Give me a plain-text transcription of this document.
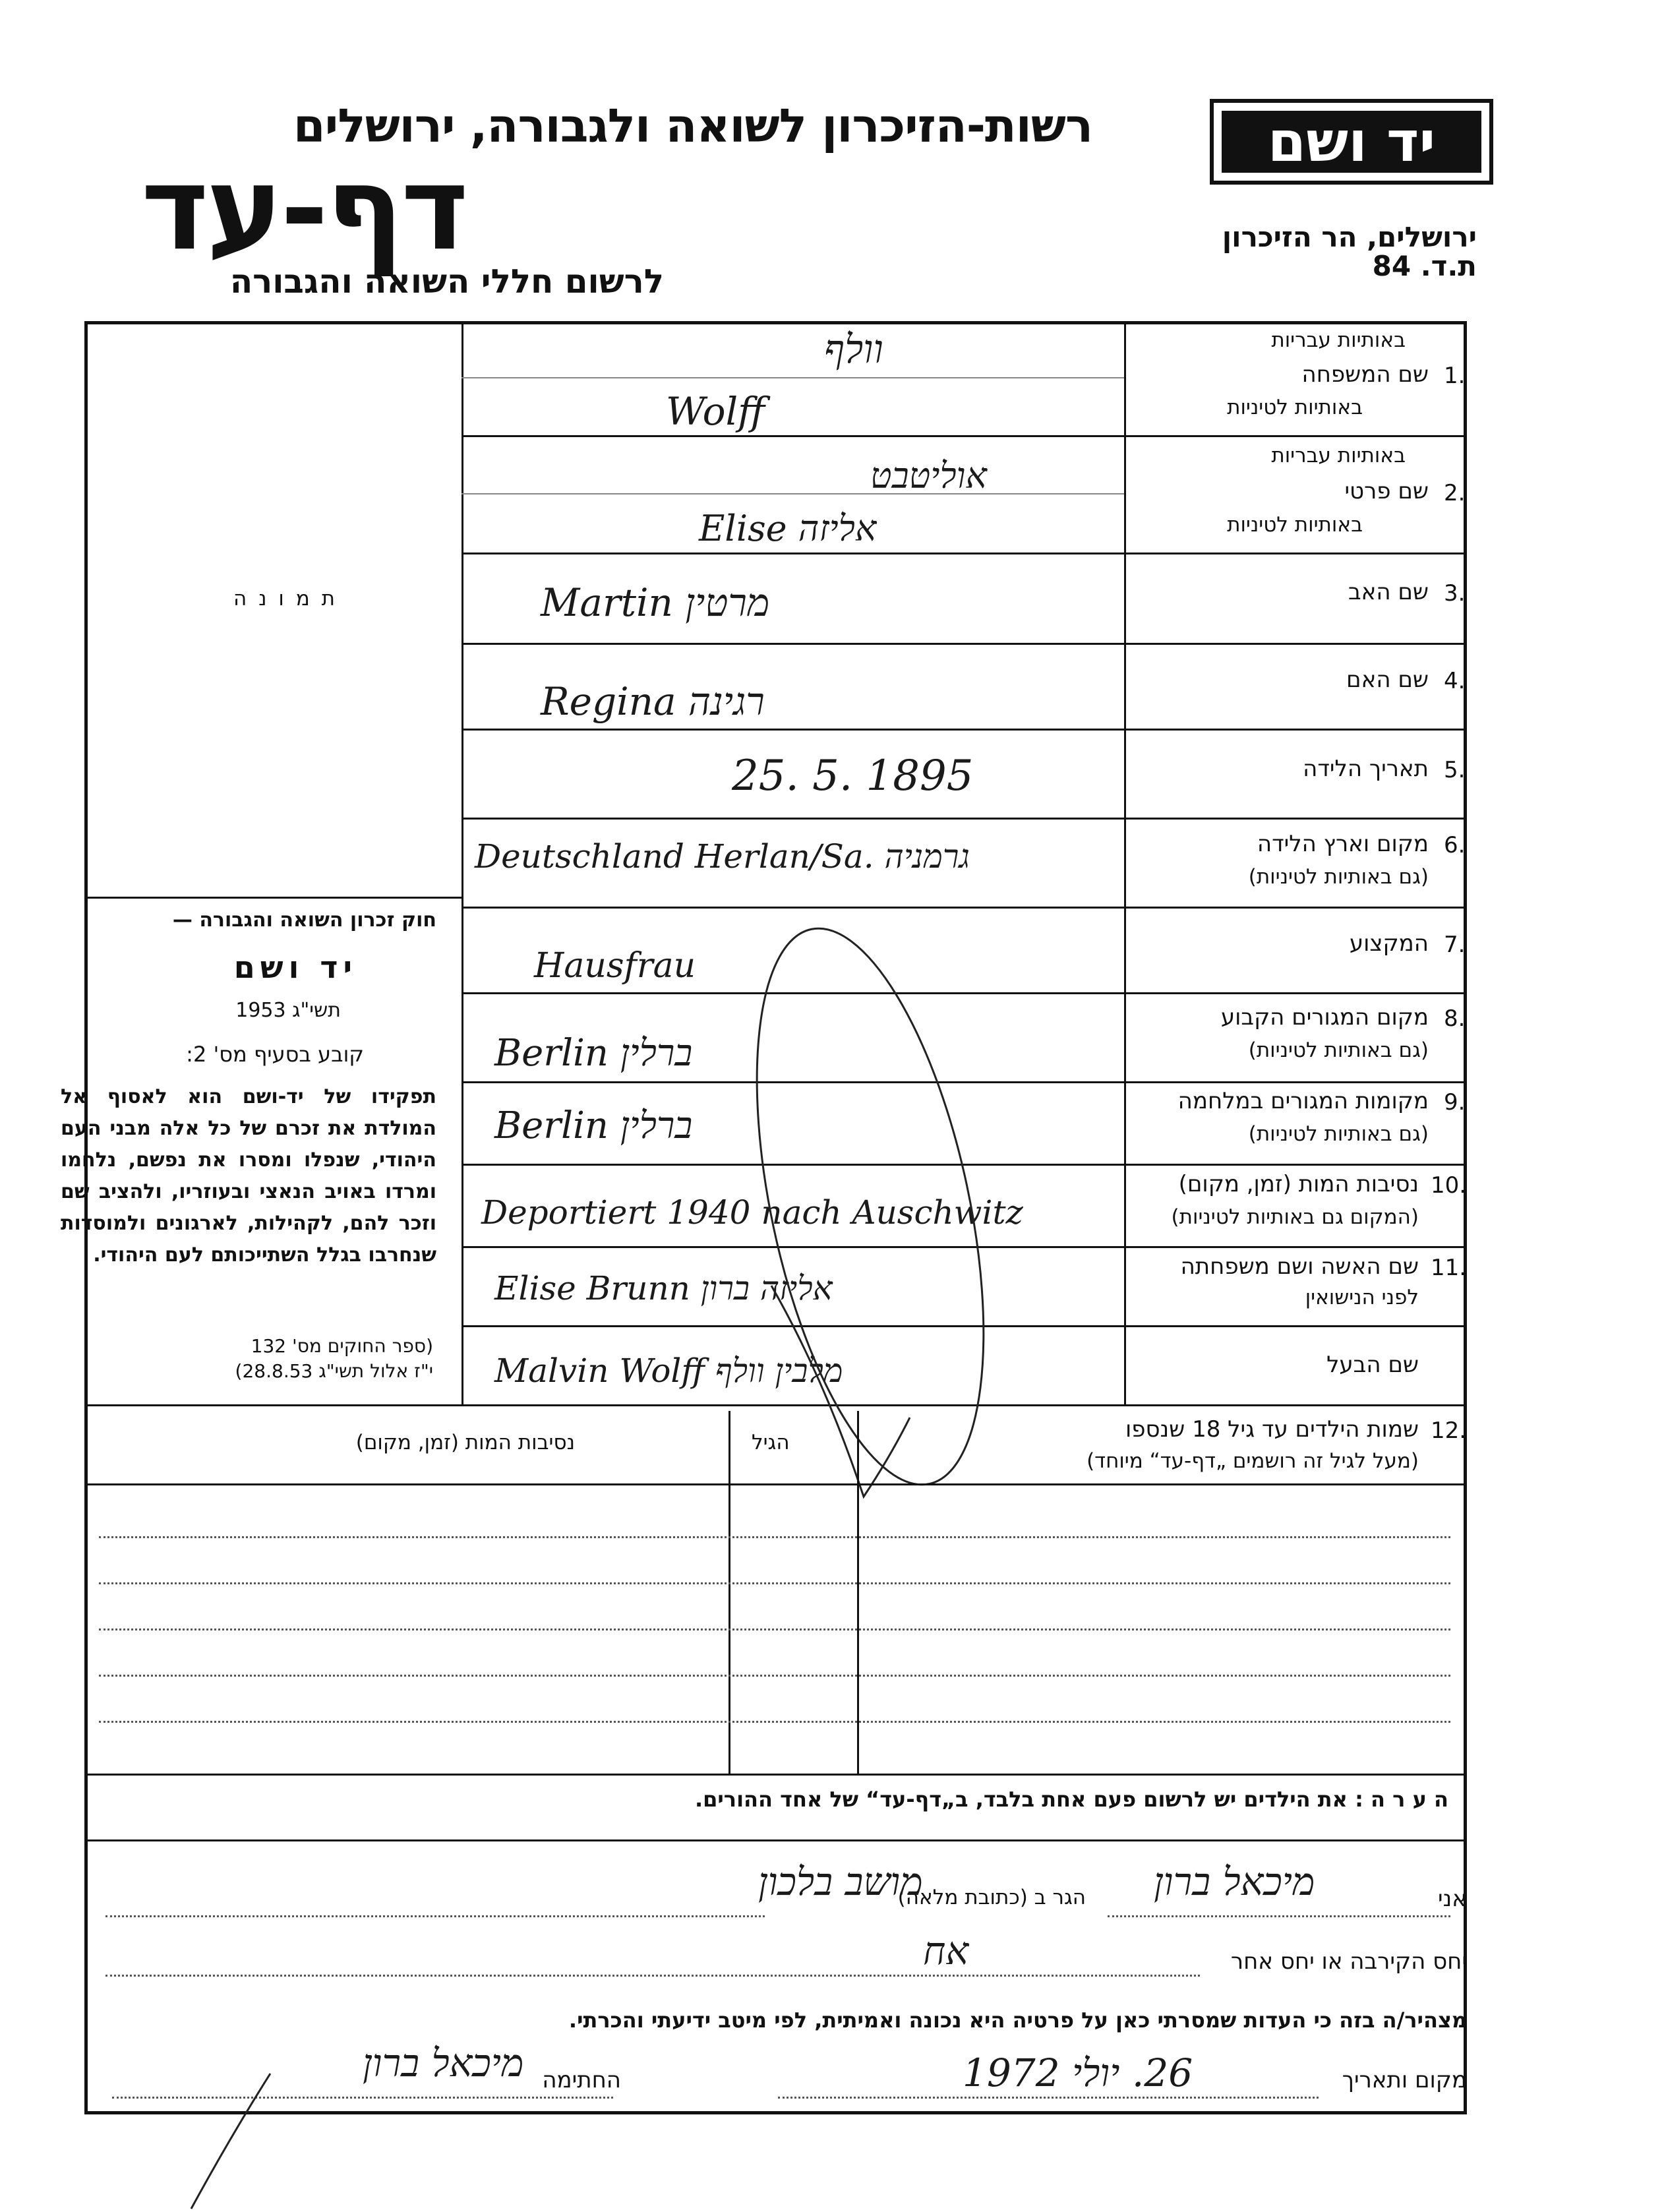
רשות-הזיכרון לשואה ולגבורה, ירושלים
דף-עד
לרשום חללי השואה והגבורה
יד ושם
ירושלים, הר הזיכרון
ת.ד. 84
ת מ ו נ ה
באותיות עבריות
1.
שם המשפחה
באותיות לטיניות
באותיות עבריות
2.
שם פרטי
באותיות לטיניות
3.
שם האב
4.
שם האם
5.
תאריך הלידה
6.
מקום וארץ הלידה
(גם באותיות לטיניות)
7.
המקצוע
8.
מקום המגורים הקבוע
(גם באותיות לטיניות)
9.
מקומות המגורים במלחמה
(גם באותיות לטיניות)
10.
נסיבות המות (זמן, מקום)
(המקום גם באותיות לטיניות)
11.
שם האשה ושם משפחתה
לפני הנישואין
שם הבעל
וולף
Wolff
אוליטבט
Elise אליזה
Martin מרטין
Regina רגינה
25. 5. 1895
Deutschland Herlan/Sa. גרמניה
Hausfrau
Berlin ברלין
Berlin ברלין
Deportiert 1940 nach Auschwitz
Elise Brunn אליזה ברון
Malvin Wolff מלבין וולף
חוק זכרון השואה והגבורה —
יד ושם
תשי"ג 1953
קובע בסעיף מס' 2:
תפקידו של יד-ושם הוא לאסוף אל המולדת את זכרם של כל אלה מבני העם היהודי, שנפלו ומסרו את נפשם, נלחמו ומרדו באויב הנאצי ובעוזריו, ולהציב שם וזכר להם, לקהילות, לארגונים ולמוסדות שנחרבו בגלל השתייכותם לעם היהודי.
(ספר החוקים מס' 132
י"ז אלול תשי"ג 28.8.53)
12.
שמות הילדים עד גיל 18 שנספו
(מעל לגיל זה רושמים „דף-עד“ מיוחד)
הגיל
נסיבות המות (זמן, מקום)
ה ע ר ה : את הילדים יש לרשום פעם אחת בלבד, ב„דף-עד“ של אחד ההורים.
אני
מיכאל ברון
הגר ב (כתובת מלאה)
מושב בלכון
יחס הקירבה או יחס אחר
אח
מצהיר/ה בזה כי העדות שמסרתי כאן על פרטיה היא נכונה ואמיתית, לפי מיטב ידיעתי והכרתי.
מקום ותאריך
26. יולי 1972
החתימה
מיכאל ברון
